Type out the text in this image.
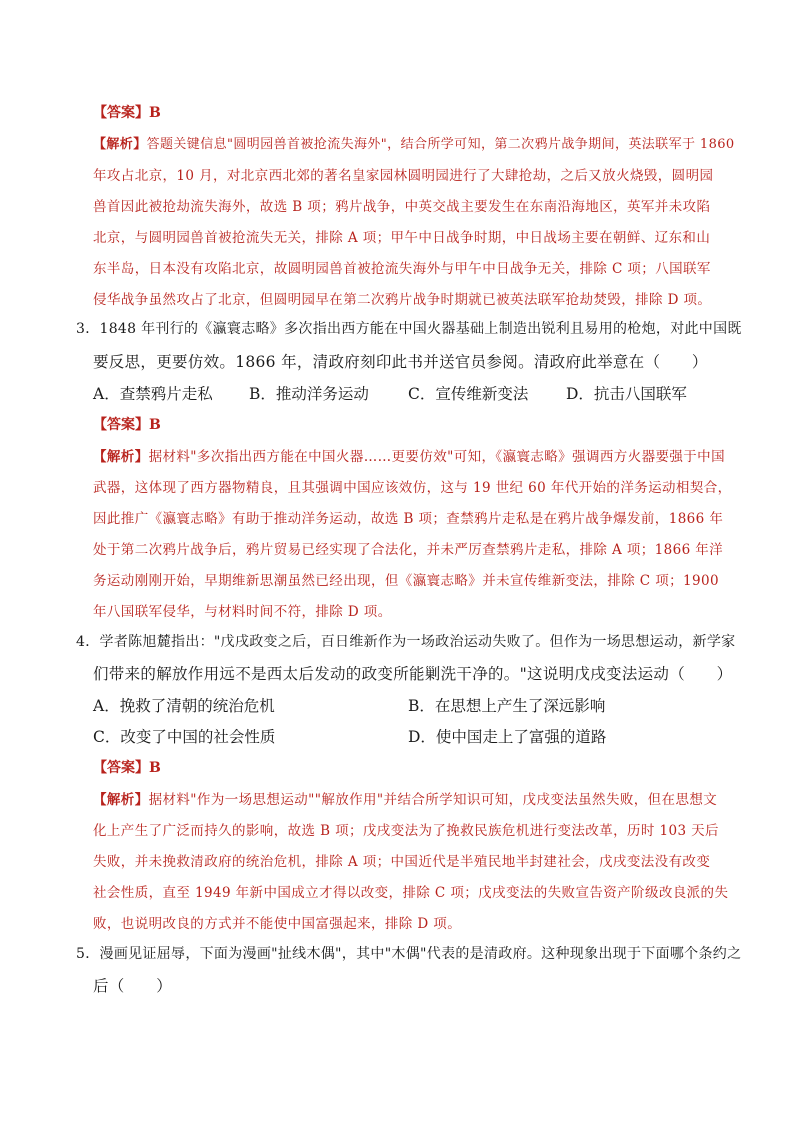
【答案】B
【解析】答题关键信息"圆明园兽首被抢流失海外"，结合所学可知，第二次鸦片战争期间，英法联军于 1860
年攻占北京，10 月，对北京西北郊的著名皇家园林圆明园进行了大肆抢劫，之后又放火烧毁，圆明园
兽首因此被抢劫流失海外，故选 B 项；鸦片战争，中英交战主要发生在东南沿海地区，英军并未攻陷
北京，与圆明园兽首被抢流失无关，排除 A 项；甲午中日战争时期，中日战场主要在朝鲜、辽东和山
东半岛，日本没有攻陷北京，故圆明园兽首被抢流失海外与甲午中日战争无关，排除 C 项；八国联军
侵华战争虽然攻占了北京，但圆明园早在第二次鸦片战争时期就已被英法联军抢劫焚毁，排除 D 项。
3．1848 年刊行的《瀛寰志略》多次指出西方能在中国火器基础上制造出锐利且易用的枪炮，对此中国既
要反思，更要仿效。1866 年，清政府刻印此书并送官员参阅。清政府此举意在（　　）
A．查禁鸦片走私 B．推动洋务运动	C．宣传维新变法 D．抗击八国联军
【答案】B
【解析】据材料"多次指出西方能在中国火器……更要仿效"可知，《瀛寰志略》强调西方火器要强于中国
武器，这体现了西方器物精良，且其强调中国应该效仿，这与 19 世纪 60 年代开始的洋务运动相契合，
因此推广《瀛寰志略》有助于推动洋务运动，故选 B 项；查禁鸦片走私是在鸦片战争爆发前，1866 年
处于第二次鸦片战争后，鸦片贸易已经实现了合法化，并未严厉查禁鸦片走私，排除 A 项；1866 年洋
务运动刚刚开始，早期维新思潮虽然已经出现，但《瀛寰志略》并未宣传维新变法，排除 C 项；1900
年八国联军侵华，与材料时间不符，排除 D 项。
4．学者陈旭麓指出："戊戌政变之后，百日维新作为一场政治运动失败了。但作为一场思想运动，新学家
们带来的解放作用远不是西太后发动的政变所能剿洗干净的。"这说明戊戌变法运动（　　）
A．挽救了清朝的统治危机	B．在思想上产生了深远影响
C．改变了中国的社会性质	D．使中国走上了富强的道路
【答案】B
【解析】据材料"作为一场思想运动""解放作用"并结合所学知识可知，戊戌变法虽然失败，但在思想文
化上产生了广泛而持久的影响，故选 B 项；戊戌变法为了挽救民族危机进行变法改革，历时 103 天后
失败，并未挽救清政府的统治危机，排除 A 项；中国近代是半殖民地半封建社会，戊戌变法没有改变
社会性质，直至 1949 年新中国成立才得以改变，排除 C 项；戊戌变法的失败宣告资产阶级改良派的失
败，也说明改良的方式并不能使中国富强起来，排除 D 项。
5．漫画见证屈辱，下面为漫画"扯线木偶"，其中"木偶"代表的是清政府。这种现象出现于下面哪个条约之
后（　　）
